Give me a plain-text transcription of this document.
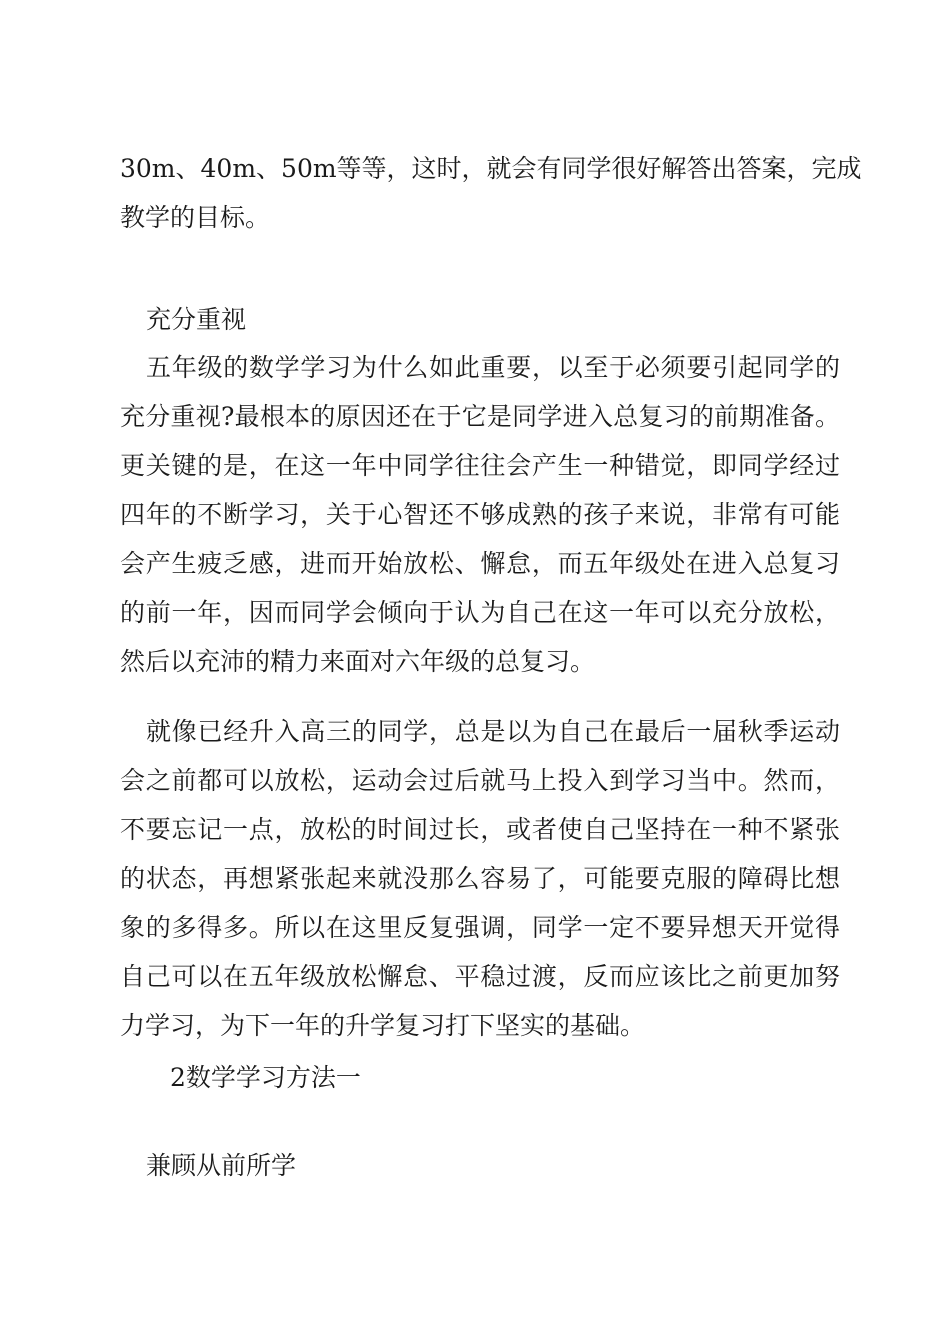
30m、40m、50m等等，这时，就会有同学很好解答出答案，完成
教学的目标。
充分重视
五年级的数学学习为什么如此重要，以至于必须要引起同学的
充分重视?最根本的原因还在于它是同学进入总复习的前期准备。
更关键的是，在这一年中同学往往会产生一种错觉，即同学经过
四年的不断学习，关于心智还不够成熟的孩子来说，非常有可能
会产生疲乏感，进而开始放松、懈怠，而五年级处在进入总复习
的前一年，因而同学会倾向于认为自己在这一年可以充分放松，
然后以充沛的精力来面对六年级的总复习。
就像已经升入高三的同学，总是以为自己在最后一届秋季运动
会之前都可以放松，运动会过后就马上投入到学习当中。然而，
不要忘记一点，放松的时间过长，或者使自己坚持在一种不紧张
的状态，再想紧张起来就没那么容易了，可能要克服的障碍比想
象的多得多。所以在这里反复强调，同学一定不要异想天开觉得
自己可以在五年级放松懈怠、平稳过渡，反而应该比之前更加努
力学习，为下一年的升学复习打下坚实的基础。
2数学学习方法一
兼顾从前所学
